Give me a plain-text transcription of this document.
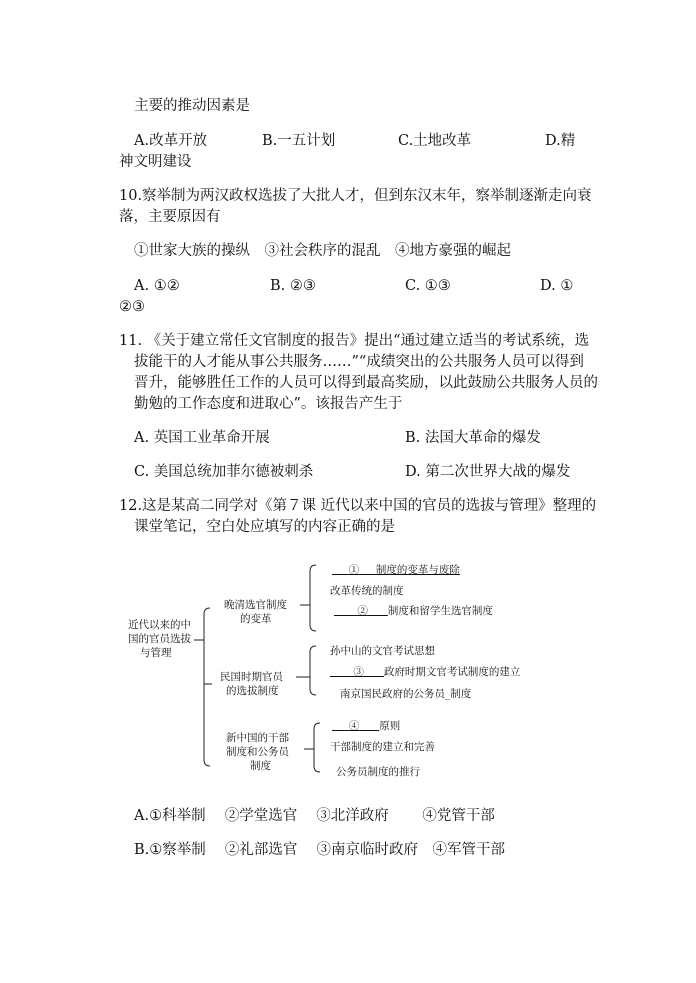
主要的推动因素是
A.改革开放	B.一五计划	C.土地改革	D.精
神文明建设
10.察举制为两汉政权选拔了大批人才，但到东汉末年，察举制逐渐走向衰
落，主要原因有
①世家大族的操纵　③社会秩序的混乱　④地方豪强的崛起
A. ①②	B. ②③	C. ①③	D. ①
②③
11. 《关于建立常任文官制度的报告》提出“通过建立适当的考试系统，选
拔能干的人才能从事公共服务……”“成绩突出的公共服务人员可以得到
晋升，能够胜任工作的人员可以得到最高奖励，以此鼓励公共服务人员的
勤勉的工作态度和进取心”。该报告产生于
A. 英国工业革命开展	B. 法国大革命的爆发
C. 美国总统加菲尔德被刺杀	D. 第二次世界大战的爆发
12.这是某高二同学对《第７课 近代以来中国的官员的选拔与管理》整理的
课堂笔记，空白处应填写的内容正确的是
近代以来的中
国的官员选拔
与管理
晚清选官制度
的变革
① 制度的变革与废除
改革传统的制度
② 制度和留学生选官制度
民国时期官员
的选拔制度
孙中山的文官考试思想
③ 政府时期文官考试制度的建立
南京国民政府的公务员_制度
新中国的干部
制度和公务员
制度
④ 原则
干部制度的建立和完善
公务员制度的推行
A.①科举制　 ②学堂选官　 ③北洋政府　　 ④党管干部
B.①察举制　 ②礼部选官　 ③南京临时政府　④军管干部
